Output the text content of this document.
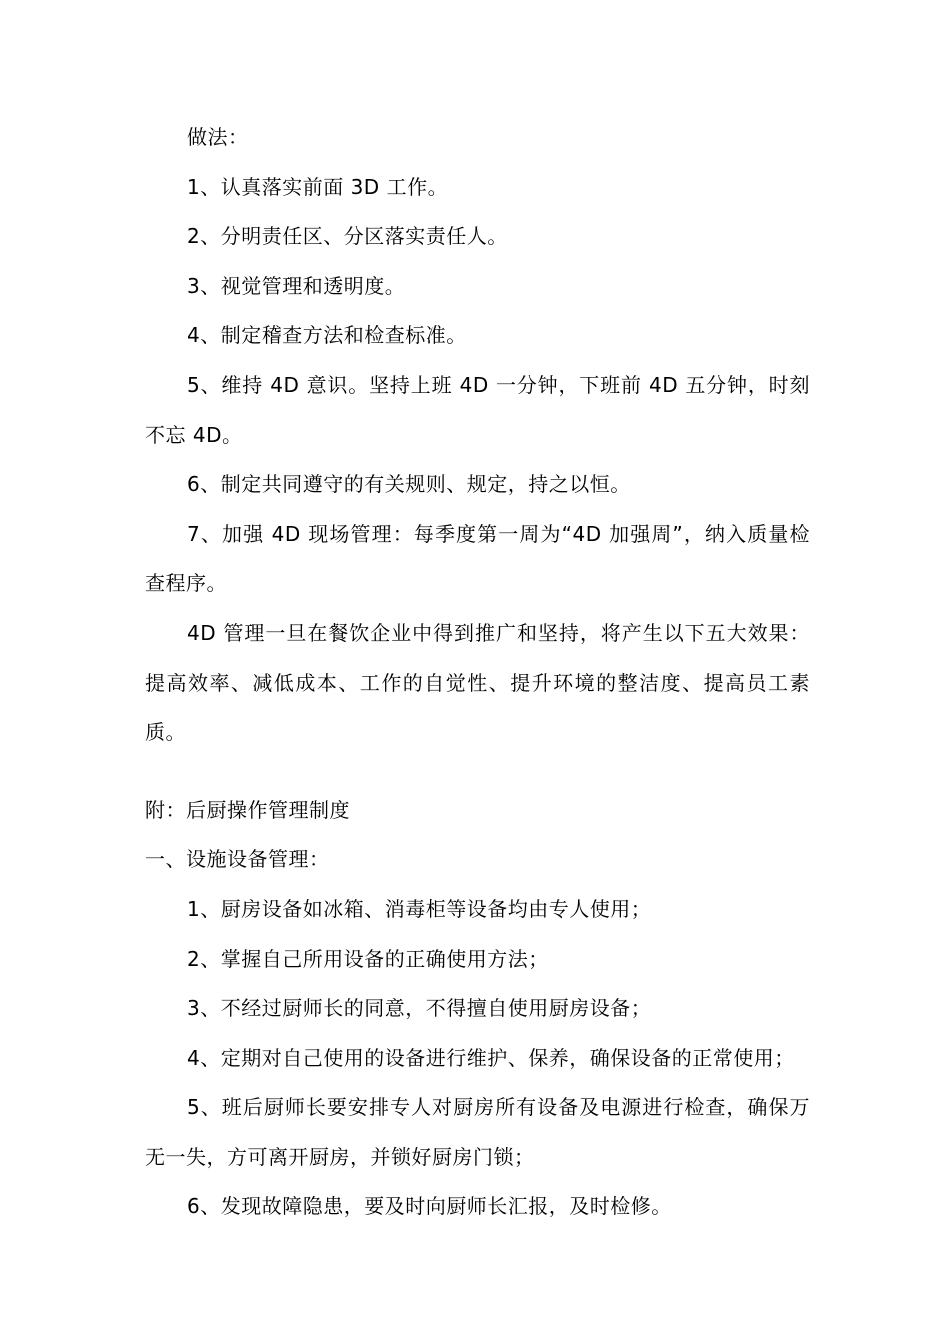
做法：

1、认真落实前面 3D 工作。

2、分明责任区、分区落实责任人。

3、视觉管理和透明度。

4、制定稽查方法和检查标准。

5、维持 4D 意识。坚持上班 4D 一分钟，下班前 4D 五分钟，时刻不忘 4D。

6、制定共同遵守的有关规则、规定，持之以恒。

7、加强 4D 现场管理：每季度第一周为“4D 加强周”，纳入质量检查程序。

4D 管理一旦在餐饮企业中得到推广和坚持，将产生以下五大效果：提高效率、减低成本、工作的自觉性、提升环境的整洁度、提高员工素质。

附：后厨操作管理制度

一、设施设备管理：

1、厨房设备如冰箱、消毒柜等设备均由专人使用；

2、掌握自己所用设备的正确使用方法；

3、不经过厨师长的同意，不得擅自使用厨房设备；

4、定期对自己使用的设备进行维护、保养，确保设备的正常使用；

5、班后厨师长要安排专人对厨房所有设备及电源进行检查，确保万无一失，方可离开厨房，并锁好厨房门锁；

6、发现故障隐患，要及时向厨师长汇报，及时检修。
